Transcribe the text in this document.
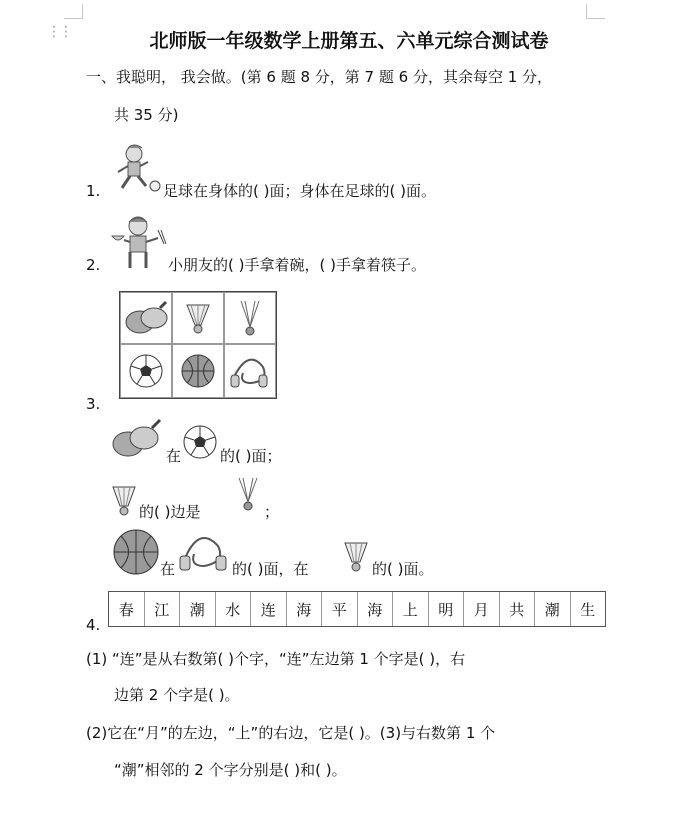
⋮⋮	北师版一年级数学上册第五、六单元综合测试卷
一、我聪明， 我会做。(第 6 题 8 分，第 7 题 6 分，其余每空 1 分，
共 35 分)
1.	足球在身体的( )面；身体在足球的( )面。
2.	小朋友的( )手拿着碗，( )手拿着筷子。
3.
在	的( )面；
的( )边是	；
在	的( )面，在	的( )面。
4.
春	江	潮	水	连	海	平	海	上	明	月	共	潮	生
(1) “连”是从右数第( )个字，“连”左边第 1 个字是( )，右
边第 2 个字是( )。
(2)它在“月”的左边，“上”的右边，它是( )。(3)与右数第 1 个
“潮”相邻的 2 个字分别是( )和( )。
